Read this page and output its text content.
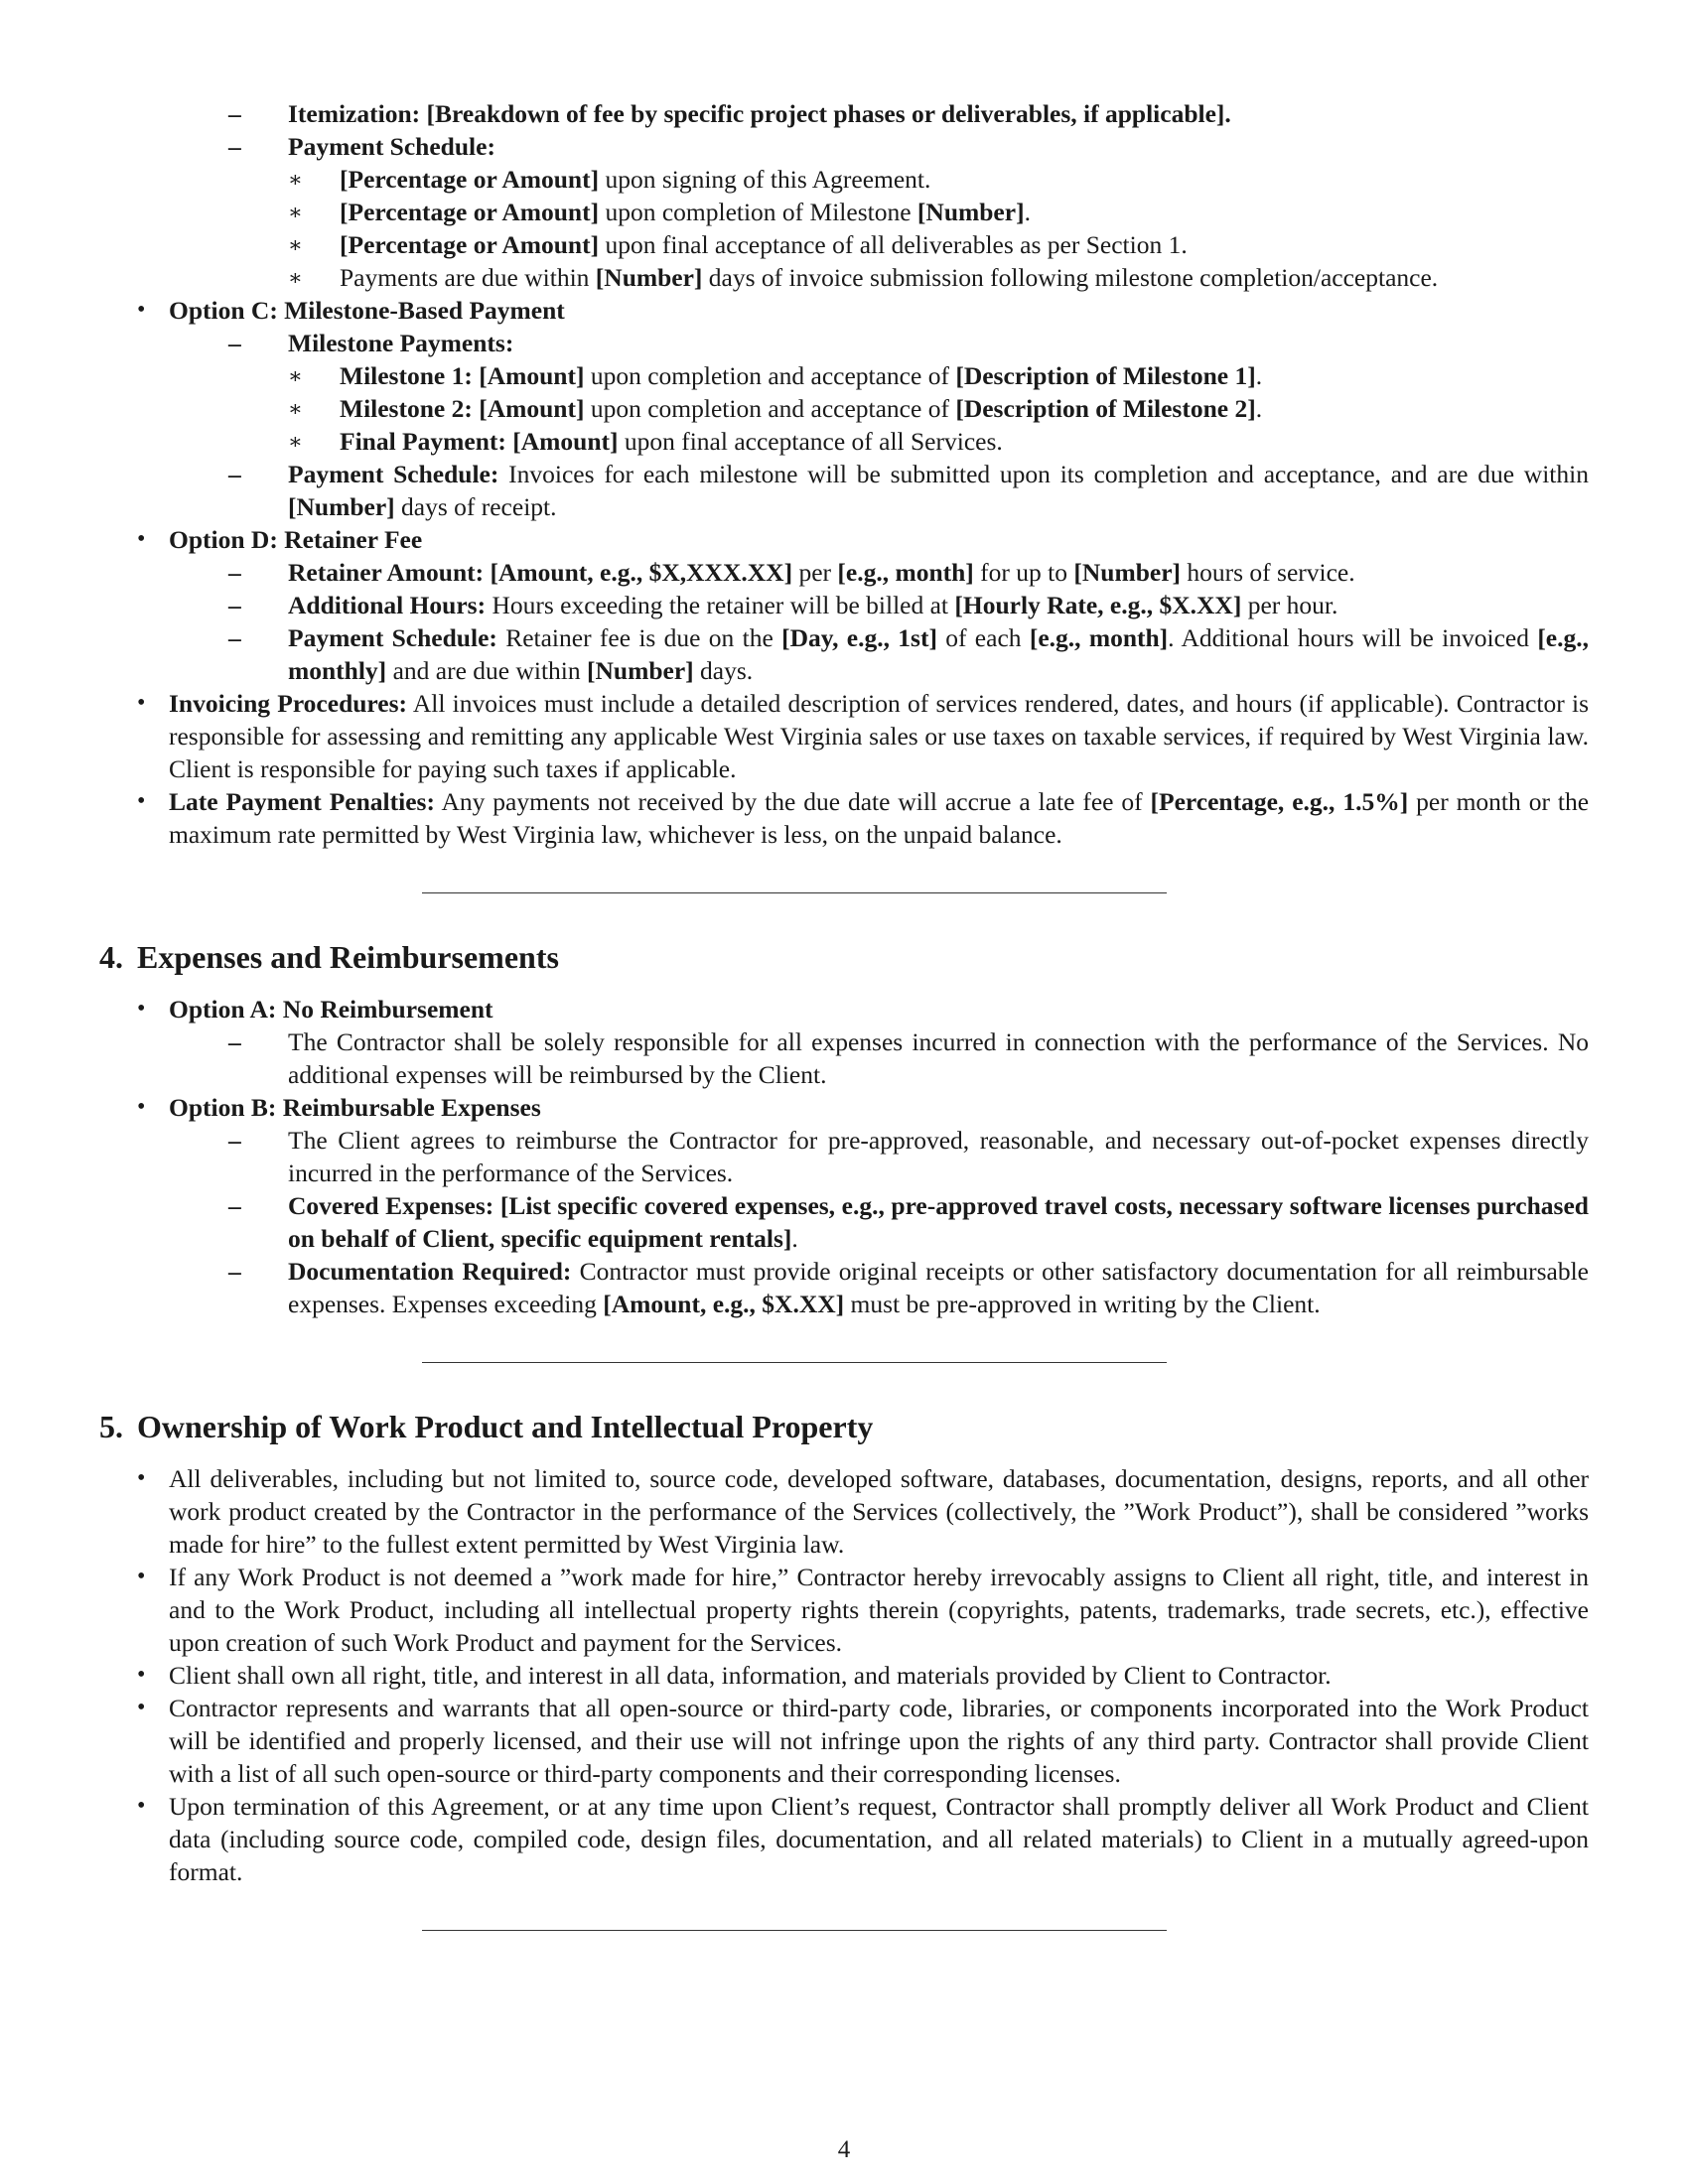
– Itemization: [Breakdown of fee by specific project phases or deliverables, if applicable].
– Payment Schedule:
∗ [Percentage or Amount] upon signing of this Agreement.
∗ [Percentage or Amount] upon completion of Milestone [Number].
∗ [Percentage or Amount] upon final acceptance of all deliverables as per Section 1.
∗ Payments are due within [Number] days of invoice submission following milestone completion/acceptance.
• Option C: Milestone-Based Payment
– Milestone Payments:
∗ Milestone 1: [Amount] upon completion and acceptance of [Description of Milestone 1].
∗ Milestone 2: [Amount] upon completion and acceptance of [Description of Milestone 2].
∗ Final Payment: [Amount] upon final acceptance of all Services.
– Payment Schedule: Invoices for each milestone will be submitted upon its completion and acceptance, and are due within [Number] days of receipt.
• Option D: Retainer Fee
– Retainer Amount: [Amount, e.g., $X,XXX.XX] per [e.g., month] for up to [Number] hours of service.
– Additional Hours: Hours exceeding the retainer will be billed at [Hourly Rate, e.g., $X.XX] per hour.
– Payment Schedule: Retainer fee is due on the [Day, e.g., 1st] of each [e.g., month]. Additional hours will be invoiced [e.g., monthly] and are due within [Number] days.
• Invoicing Procedures: All invoices must include a detailed description of services rendered, dates, and hours (if applicable). Contractor is responsible for assessing and remitting any applicable West Virginia sales or use taxes on taxable services, if required by West Virginia law. Client is responsible for paying such taxes if applicable.
• Late Payment Penalties: Any payments not received by the due date will accrue a late fee of [Percentage, e.g., 1.5%] per month or the maximum rate permitted by West Virginia law, whichever is less, on the unpaid balance.
4. Expenses and Reimbursements
• Option A: No Reimbursement
– The Contractor shall be solely responsible for all expenses incurred in connection with the performance of the Services. No additional expenses will be reimbursed by the Client.
• Option B: Reimbursable Expenses
– The Client agrees to reimburse the Contractor for pre-approved, reasonable, and necessary out-of-pocket expenses directly incurred in the performance of the Services.
– Covered Expenses: [List specific covered expenses, e.g., pre-approved travel costs, necessary software licenses purchased on behalf of Client, specific equipment rentals].
– Documentation Required: Contractor must provide original receipts or other satisfactory documentation for all reimbursable expenses. Expenses exceeding [Amount, e.g., $X.XX] must be pre-approved in writing by the Client.
5. Ownership of Work Product and Intellectual Property
• All deliverables, including but not limited to, source code, developed software, databases, documentation, designs, reports, and all other work product created by the Contractor in the performance of the Services (collectively, the ”Work Product”), shall be considered ”works made for hire” to the fullest extent permitted by West Virginia law.
• If any Work Product is not deemed a ”work made for hire,” Contractor hereby irrevocably assigns to Client all right, title, and interest in and to the Work Product, including all intellectual property rights therein (copyrights, patents, trademarks, trade secrets, etc.), effective upon creation of such Work Product and payment for the Services.
• Client shall own all right, title, and interest in all data, information, and materials provided by Client to Contractor.
• Contractor represents and warrants that all open-source or third-party code, libraries, or components incorporated into the Work Product will be identified and properly licensed, and their use will not infringe upon the rights of any third party. Contractor shall provide Client with a list of all such open-source or third-party components and their corresponding licenses.
• Upon termination of this Agreement, or at any time upon Client’s request, Contractor shall promptly deliver all Work Product and Client data (including source code, compiled code, design files, documentation, and all related materials) to Client in a mutually agreed-upon format.
4
